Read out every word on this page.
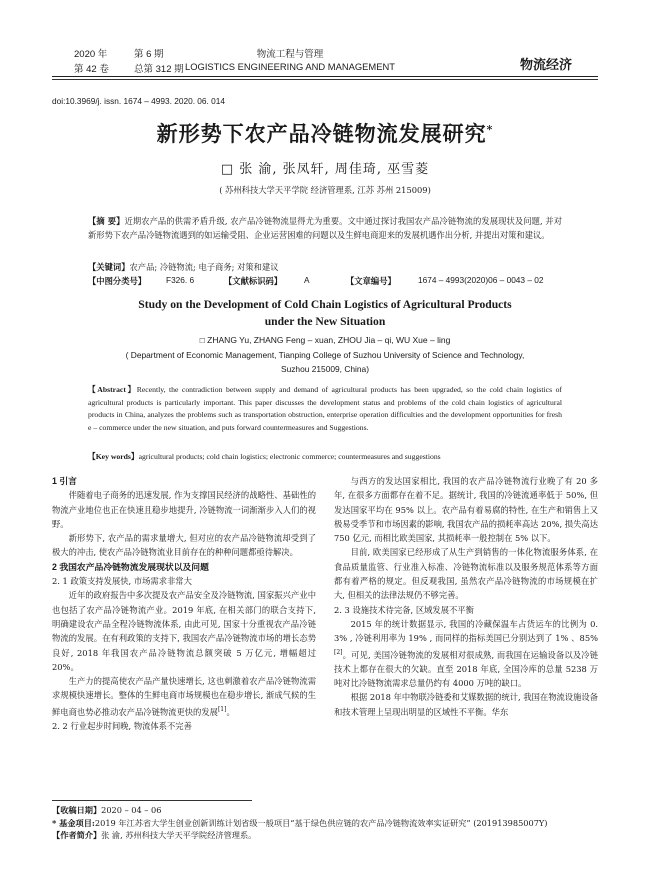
2020 年	第 6 期
第 42 卷	总第 312 期
物流工程与管理
LOGISTICS ENGINEERING AND MANAGEMENT	物流经济
doi:10.3969/j. issn. 1674 – 4993. 2020. 06. 014
新形势下农产品冷链物流发展研究*
□ 张 渝, 张凤轩, 周佳琦, 巫雪菱
( 苏州科技大学天平学院 经济管理系, 江苏 苏州 215009)
【摘 要】近期农产品的供需矛盾升级, 农产品冷链物流显得尤为重要。文中通过探讨我国农产品冷链物流的发展现状及问题, 并对新形势下农产品冷链物流遇到的如运输受阻、企业运营困难的问题以及生鲜电商迎来的发展机遇作出分析, 并提出对策和建议。
【关键词】农产品; 冷链物流; 电子商务; 对策和建议
【中图分类号】 F326. 6	【文献标识码】	A	【文章编号】	1674 – 4993(2020)06 – 0043 – 02
Study on the Development of Cold Chain Logistics of Agricultural Products
under the New Situation
□ ZHANG Yu, ZHANG Feng – xuan, ZHOU Jia – qi, WU Xue – ling
( Department of Economic Management, Tianping College of Suzhou University of Science and Technology,
Suzhou 215009, China)
【Abstract】Recently, the contradiction between supply and demand of agricultural products has been upgraded, so the cold chain logistics of agricultural products is particularly important. This paper discusses the development status and problems of the cold chain logistics of agricultural products in China, analyzes the problems such as transportation obstruction, enterprise operation difficulties and the development opportunities for fresh e – commerce under the new situation, and puts forward countermeasures and Suggestions.
【Key words】agricultural products; cold chain logistics; electronic commerce; countermeasures and suggestions
1 引言
伴随着电子商务的迅速发展, 作为支撑国民经济的战略性、基础性的物流产业地位也正在快速且稳步地提升, 冷链物流一词渐渐步入人们的视野。
新形势下, 农产品的需求量增大, 但对应的农产品冷链物流却受到了极大的冲击, 使农产品冷链物流业目前存在的种种问题都亟待解决。
2 我国农产品冷链物流发展现状以及问题
2. 1 政策支持发展快, 市场需求非常大
近年的政府报告中多次提及农产品安全及冷链物流, 国家振兴产业中也包括了农产品冷链物流产业。2019 年底, 在相关部门的联合支持下, 明确建设农产品全程冷链物流体系, 由此可见, 国家十分重视农产品冷链物流的发展。在有利政策的支持下, 我国农产品冷链物流市场的增长态势良好, 2018 年我国农产品冷链物流总额突破 5 万亿元, 增幅超过 20%。
生产力的提高使农产品产量快速增长, 这也刺激着农产品冷链物流需求规模快速增长。整体的生鲜电商市场规模也在稳步增长, 渐成气候的生鲜电商也势必推动农产品冷链物流更快的发展[1]。
2. 2 行业起步时间晚, 物流体系不完善
与西方的发达国家相比, 我国的农产品冷链物流行业晚了有 20 多年, 在很多方面都存在着不足。据统计, 我国的冷链流通率低于 50%, 但发达国家平均在 95% 以上。农产品有着易腐的特性, 在生产和销售上又极易受季节和市场因素的影响, 我国农产品的损耗率高达 20%, 损失高达 750 亿元, 而相比欧美国家, 其损耗率一般控制在 5% 以下。
目前, 欧美国家已经形成了从生产到销售的一体化物流服务体系, 在食品质量监管、行业准入标准、冷链物流标准以及服务规范体系等方面都有着严格的规定。但反观我国, 虽然农产品冷链物流的市场规模在扩大, 但相关的法律法规仍不够完善。
2. 3 设施技术待完备, 区域发展不平衡
2015 年的统计数据显示, 我国的冷藏保温车占货运车的比例为 0. 3% , 冷链利用率为 19% , 而同样的指标美国已分别达到了 1% 、85%[2]。可见, 美国冷链物流的发展相对很成熟, 而我国在运输设备以及冷链技术上都存在很大的欠缺。直至 2018 年底, 全国冷库的总量 5238 万吨对比冷链物流需求总量仍约有 4000 万吨的缺口。
根据 2018 年中物联冷链委和艾媒数据的统计, 我国在物流设施设备和技术管理上呈现出明显的区域性不平衡。华东
【收稿日期】2020 – 04 – 06
* 基金项目:2019 年江苏省大学生创业创新训练计划省级一般项目“基于绿色供应链的农产品冷链物流效率实证研究” (201913985007Y)
【作者简介】张 渝, 苏州科技大学天平学院经济管理系。
